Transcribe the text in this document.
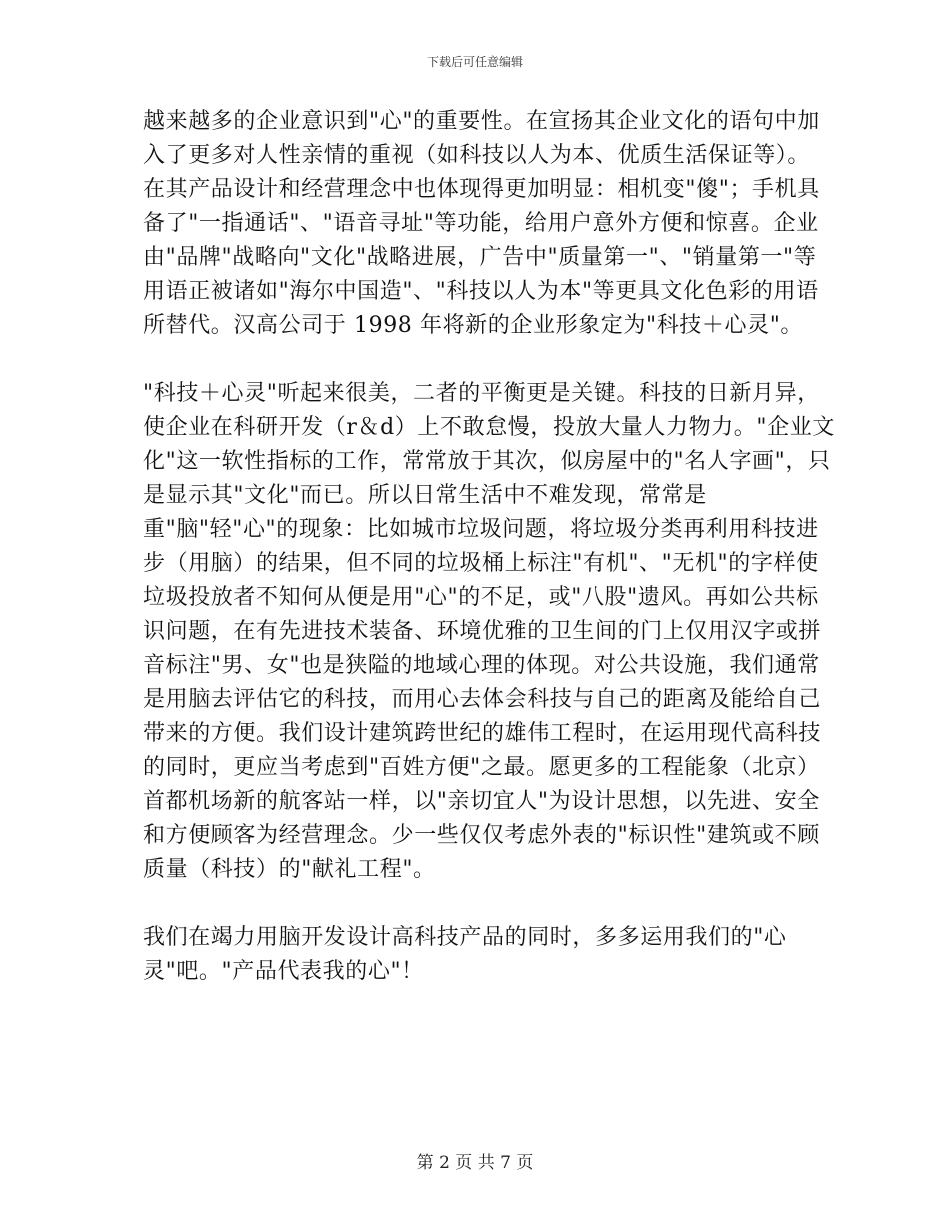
下载后可任意编辑
越来越多的企业意识到"心"的重要性。在宣扬其企业文化的语句中加
入了更多对人性亲情的重视（如科技以人为本、优质生活保证等）。
在其产品设计和经营理念中也体现得更加明显：相机变"傻"；手机具
备了"一指通话"、"语音寻址"等功能，给用户意外方便和惊喜。企业
由"品牌"战略向"文化"战略进展，广告中"质量第一"、"销量第一"等
用语正被诸如"海尔中国造"、"科技以人为本"等更具文化色彩的用语
所替代。汉高公司于 1998 年将新的企业形象定为"科技＋心灵"。
"科技＋心灵"听起来很美，二者的平衡更是关键。科技的日新月异，
使企业在科研开发（r＆d）上不敢怠慢，投放大量人力物力。"企业文
化"这一软性指标的工作，常常放于其次，似房屋中的"名人字画"，只
是显示其"文化"而已。所以日常生活中不难发现，常常是
重"脑"轻"心"的现象：比如城市垃圾问题，将垃圾分类再利用科技进
步（用脑）的结果，但不同的垃圾桶上标注"有机"、"无机"的字样使
垃圾投放者不知何从便是用"心"的不足，或"八股"遗风。再如公共标
识问题，在有先进技术装备、环境优雅的卫生间的门上仅用汉字或拼
音标注"男、女"也是狭隘的地域心理的体现。对公共设施，我们通常
是用脑去评估它的科技，而用心去体会科技与自己的距离及能给自己
带来的方便。我们设计建筑跨世纪的雄伟工程时，在运用现代高科技
的同时，更应当考虑到"百姓方便"之最。愿更多的工程能象（北京）
首都机场新的航客站一样，以"亲切宜人"为设计思想，以先进、安全
和方便顾客为经营理念。少一些仅仅考虑外表的"标识性"建筑或不顾
质量（科技）的"献礼工程"。
我们在竭力用脑开发设计高科技产品的同时，多多运用我们的"心
灵"吧。"产品代表我的心"！
第 2 页 共 7 页
